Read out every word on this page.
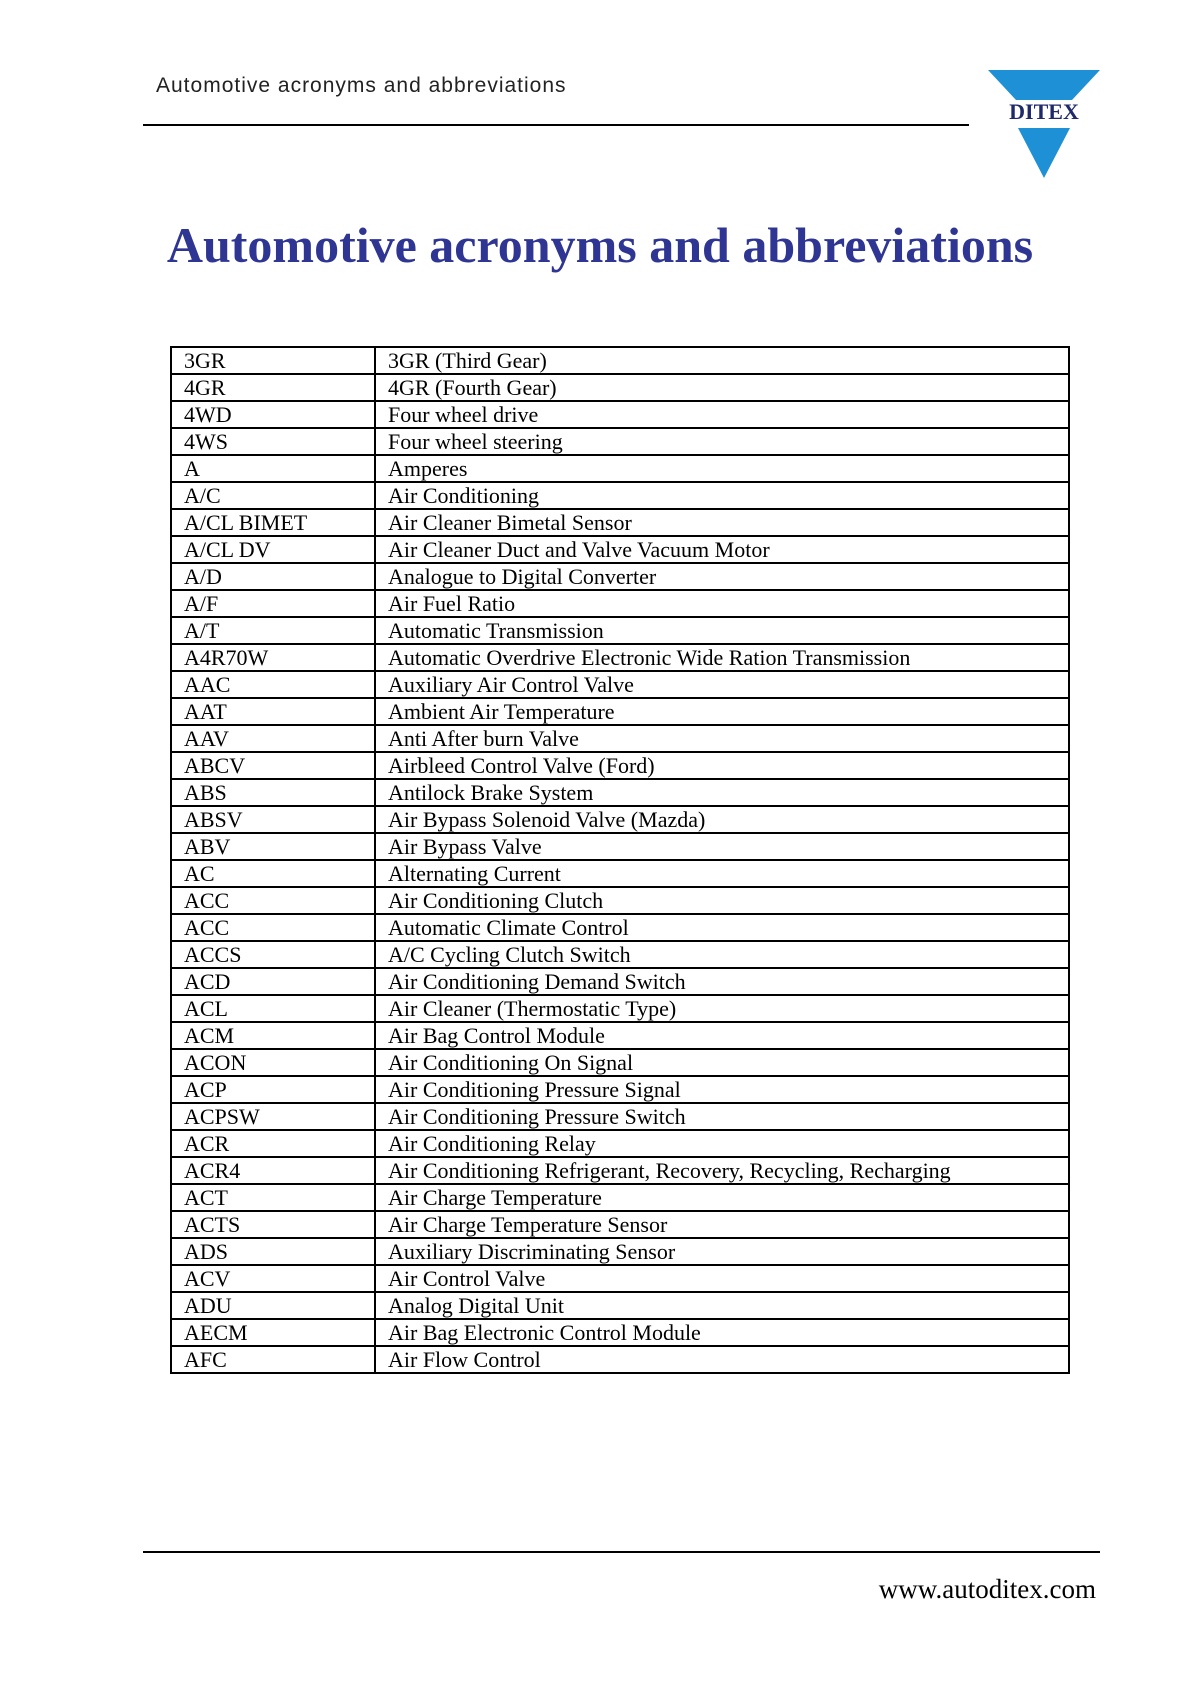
Automotive acronyms and abbreviations
DITEX
Automotive acronyms and abbreviations
3GR	3GR (Third Gear)
4GR	4GR (Fourth Gear)
4WD	Four wheel drive
4WS	Four wheel steering
A	Amperes
A/C	Air Conditioning
A/CL BIMET	Air Cleaner Bimetal Sensor
A/CL DV	Air Cleaner Duct and Valve Vacuum Motor
A/D	Analogue to Digital Converter
A/F	Air Fuel Ratio
A/T	Automatic Transmission
A4R70W	Automatic Overdrive Electronic Wide Ration Transmission
AAC	Auxiliary Air Control Valve
AAT	Ambient Air Temperature
AAV	Anti After burn Valve
ABCV	Airbleed Control Valve (Ford)
ABS	Antilock Brake System
ABSV	Air Bypass Solenoid Valve (Mazda)
ABV	Air Bypass Valve
AC	Alternating Current
ACC	Air Conditioning Clutch
ACC	Automatic Climate Control
ACCS	A/C Cycling Clutch Switch
ACD	Air Conditioning Demand Switch
ACL	Air Cleaner (Thermostatic Type)
ACM	Air Bag Control Module
ACON	Air Conditioning On Signal
ACP	Air Conditioning Pressure Signal
ACPSW	Air Conditioning Pressure Switch
ACR	Air Conditioning Relay
ACR4	Air Conditioning Refrigerant, Recovery, Recycling, Recharging
ACT	Air Charge Temperature
ACTS	Air Charge Temperature Sensor
ADS	Auxiliary Discriminating Sensor
ACV	Air Control Valve
ADU	Analog Digital Unit
AECM	Air Bag Electronic Control Module
AFC	Air Flow Control
www.autoditex.com
